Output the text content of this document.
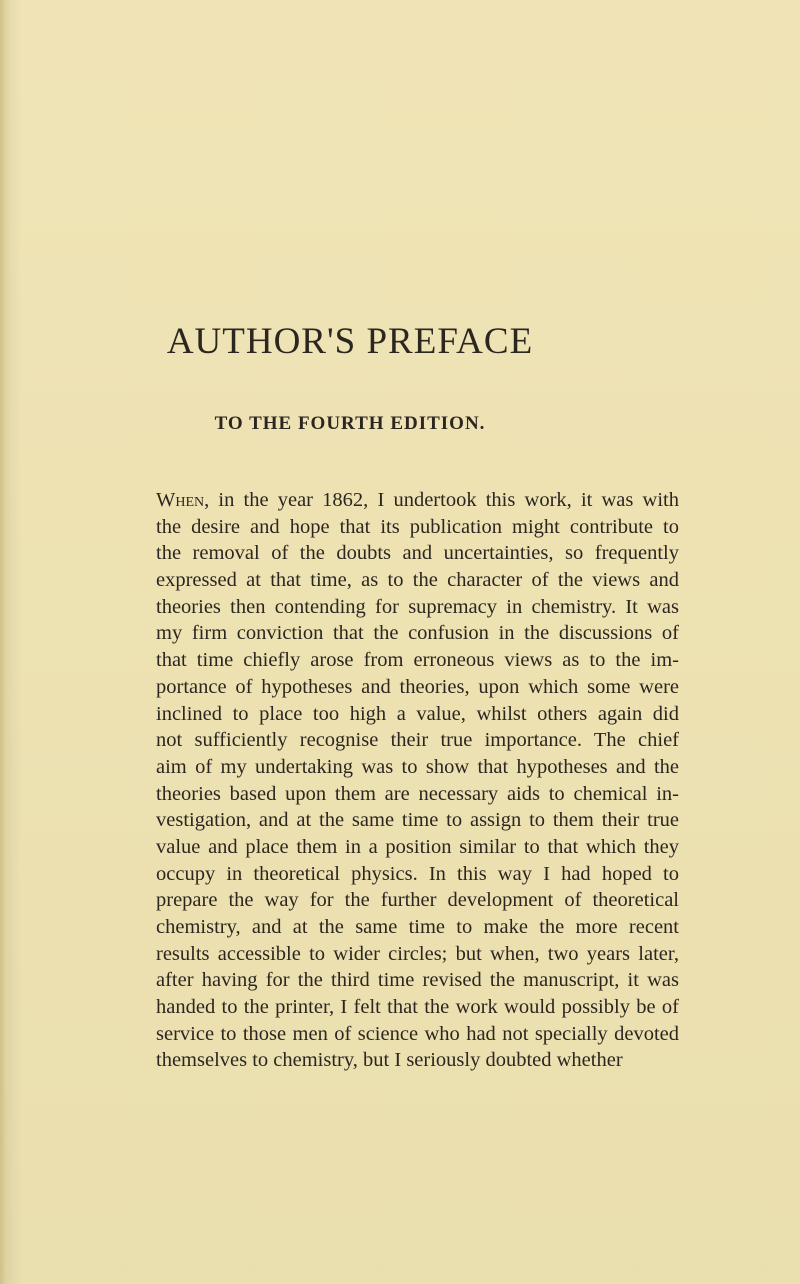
AUTHOR'S PREFACE
TO THE FOURTH EDITION.
When, in the year 1862, I undertook this work, it was with
the desire and hope that its publication might contribute to
the removal of the doubts and uncertainties, so frequently
expressed at that time, as to the character of the views and
theories then contending for supremacy in chemistry. It was
my firm conviction that the confusion in the discussions of
that time chiefly arose from erroneous views as to the im-
portance of hypotheses and theories, upon which some were
inclined to place too high a value, whilst others again did
not sufficiently recognise their true importance. The chief
aim of my undertaking was to show that hypotheses and the
theories based upon them are necessary aids to chemical in-
vestigation, and at the same time to assign to them their true
value and place them in a position similar to that which they
occupy in theoretical physics. In this way I had hoped to
prepare the way for the further development of theoretical
chemistry, and at the same time to make the more recent
results accessible to wider circles; but when, two years later,
after having for the third time revised the manuscript, it was
handed to the printer, I felt that the work would possibly be of
service to those men of science who had not specially devoted
themselves to chemistry, but I seriously doubted whether
